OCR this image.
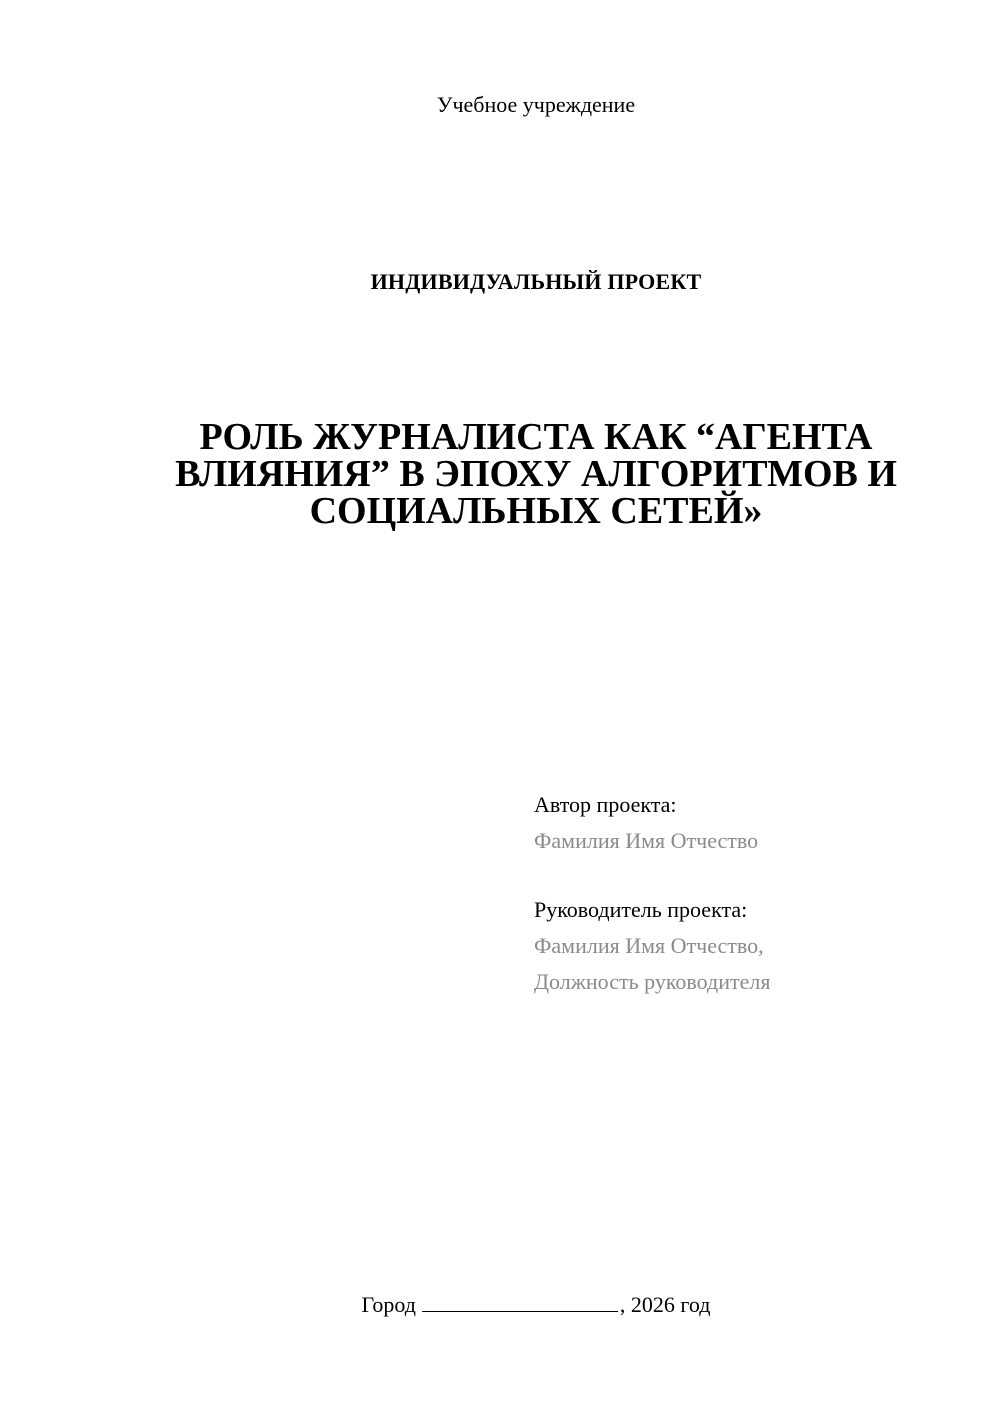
Учебное учреждение
ИНДИВИДУАЛЬНЫЙ ПРОЕКТ
РОЛЬ ЖУРНАЛИСТА КАК “АГЕНТА
ВЛИЯНИЯ” В ЭПОХУ АЛГОРИТМОВ И
СОЦИАЛЬНЫХ СЕТЕЙ»
Автор проекта:
Фамилия Имя Отчество
Руководитель проекта:
Фамилия Имя Отчество,
Должность руководителя
Город	, 2026 год
